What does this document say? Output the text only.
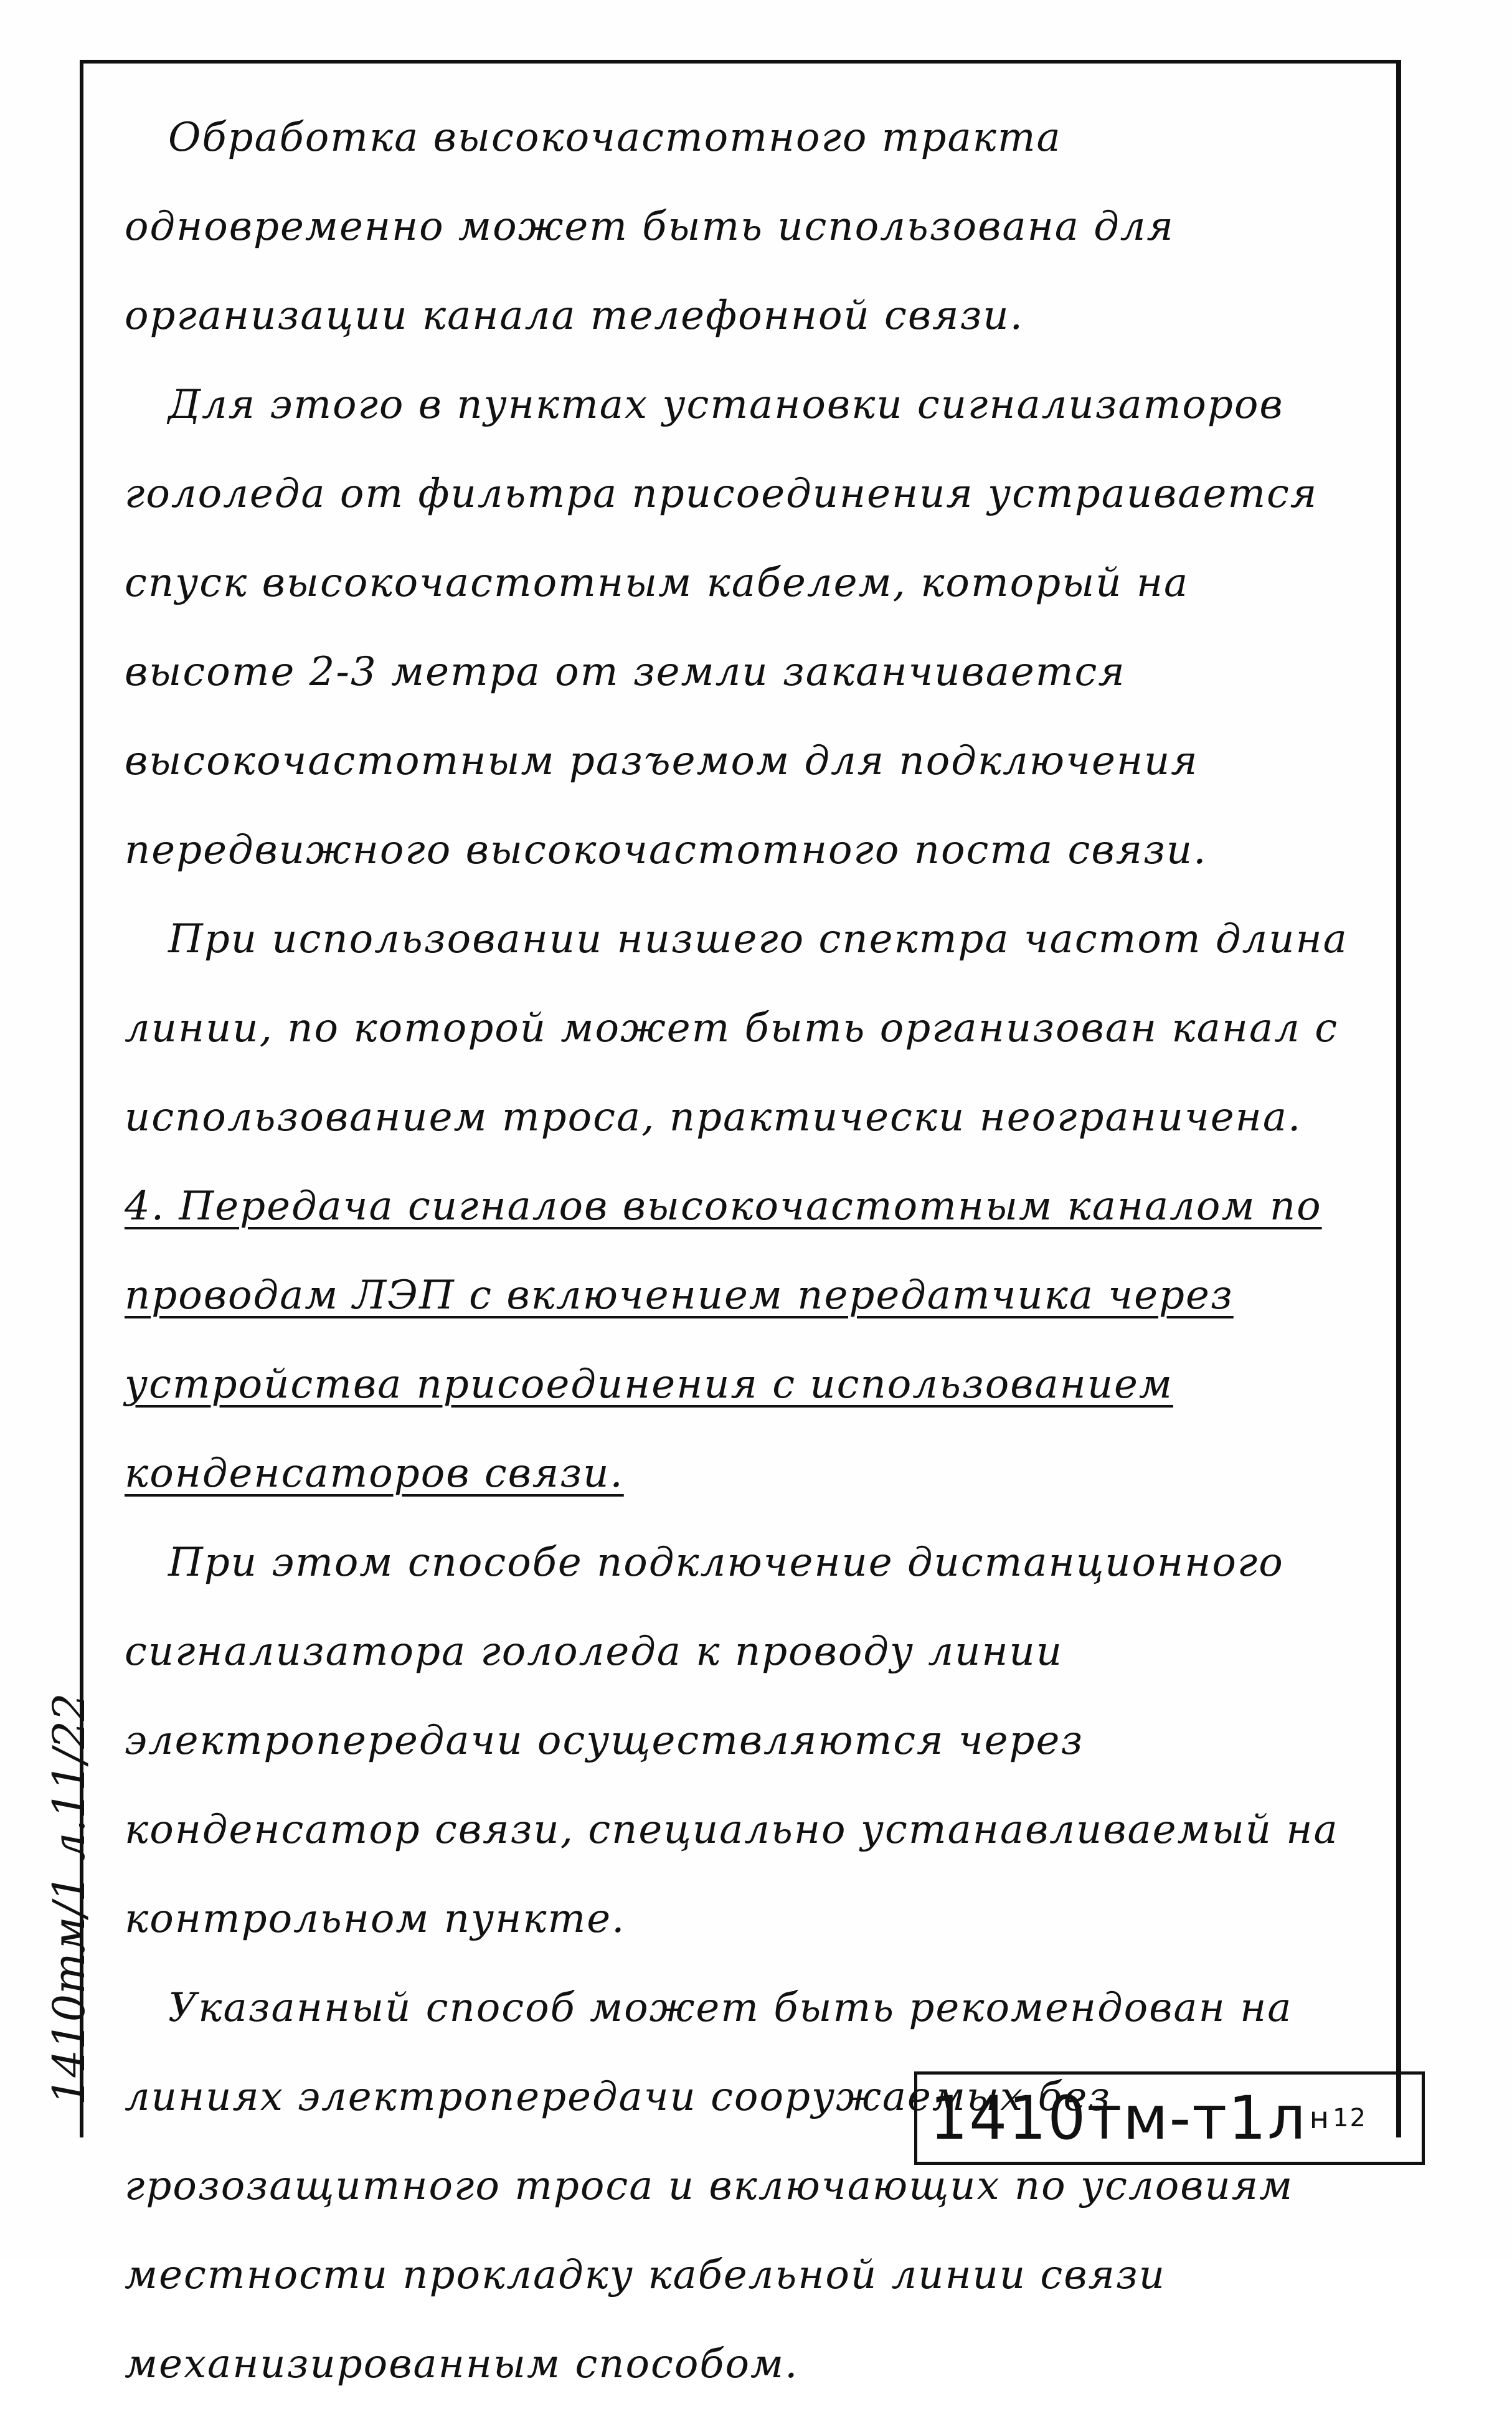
Обработка высокочастотного тракта одновременно может быть использована для организации канала телефонной связи.

Для этого в пунктах установки сигнализаторов гололеда от фильтра присоединения устраивается спуск высокочастотным кабелем, который на высоте 2-3 метра от земли заканчивается высокочастотным разъемом для подключения передвижного высокочастотного поста связи.

При использовании низшего спектра частот длина линии, по которой может быть организован канал с использованием троса, практически неограничена.

4. Передача сигналов высокочастотным каналом по проводам ЛЭП с включением передатчика через устройства присоединения с использованием конденсаторов связи.

При этом способе подключение дистанционного сигнализатора гололеда к проводу линии электропередачи осуществляются через конденсатор связи, специально устанавливаемый на контрольном пункте.

Указанный способ может быть рекомендован на линиях электропередачи сооружаемых без грозозащитного троса и включающих по условиям местности прокладку кабельной линии связи механизированным способом.

1410тм/1 л.11/22
1410тм-т1 л н 12
